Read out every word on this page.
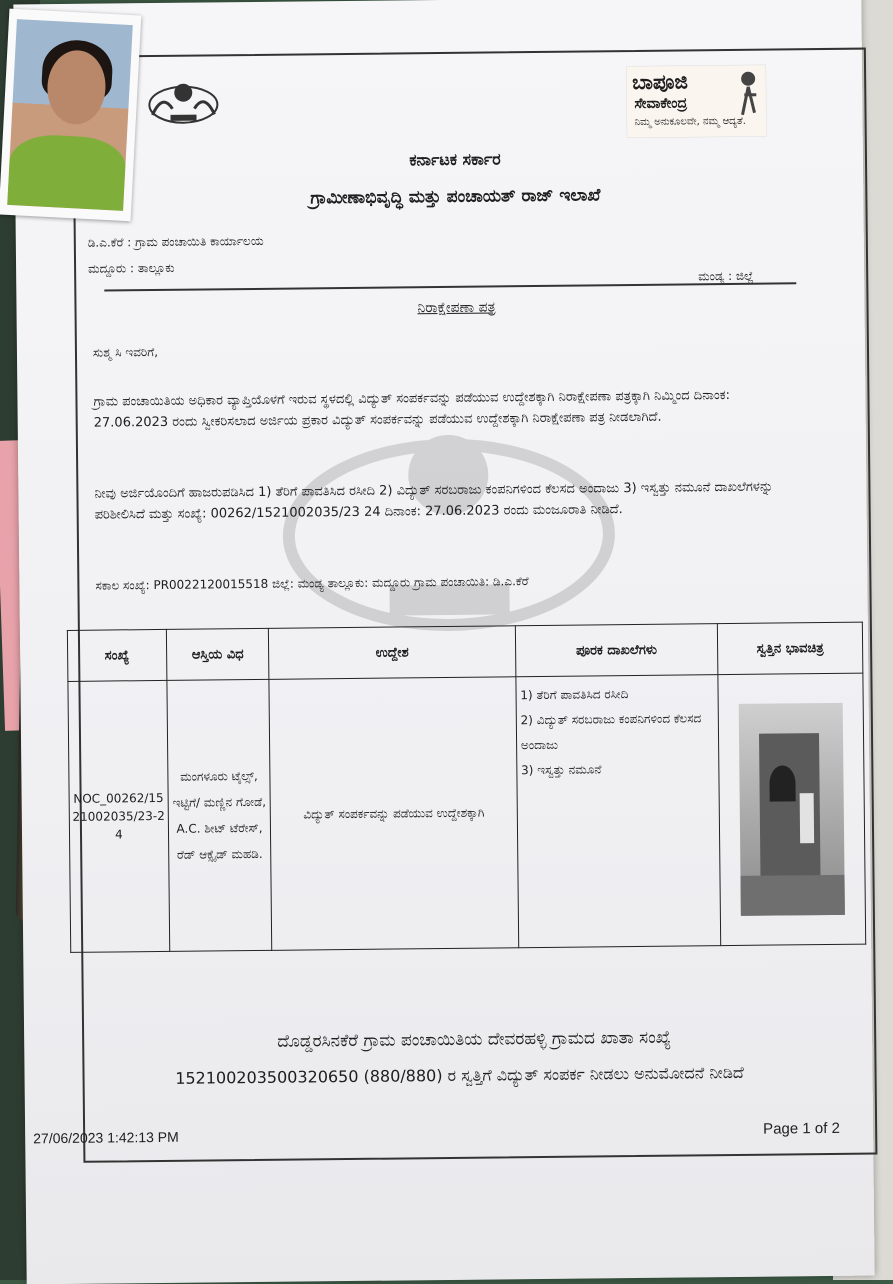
ಬಾಪೂಜಿ
ಸೇವಾಕೇಂದ್ರ
ನಿಮ್ಮ ಅನುಕೂಲವೇ, ನಮ್ಮ ಆದ್ಯತೆ.
ಕರ್ನಾಟಕ ಸರ್ಕಾರ
ಗ್ರಾಮೀಣಾಭಿವೃದ್ಧಿ ಮತ್ತು ಪಂಚಾಯತ್ ರಾಜ್ ಇಲಾಖೆ
ಡಿ.ಎ.ಕೆರೆ : ಗ್ರಾಮ ಪಂಚಾಯಿತಿ ಕಾರ್ಯಾಲಯ
ಮದ್ದೂರು : ತಾಲ್ಲೂಕು
ಮಂಡ್ಯ : ಜಿಲ್ಲೆ
ನಿರಾಕ್ಷೇಪಣಾ ಪತ್ರ
ಸುಶ್ಮ ಸಿ ಇವರಿಗೆ,
ಗ್ರಾಮ ಪಂಚಾಯಿತಿಯ ಅಧಿಕಾರ ವ್ಯಾಪ್ತಿಯೊಳಗೆ ಇರುವ ಸ್ಥಳದಲ್ಲಿ ವಿದ್ಯುತ್ ಸಂಪರ್ಕವನ್ನು ಪಡೆಯುವ ಉದ್ದೇಶಕ್ಕಾಗಿ ನಿರಾಕ್ಷೇಪಣಾ ಪತ್ರಕ್ಕಾಗಿ ನಿಮ್ಮಿಂದ ದಿನಾಂಕ: 27.06.2023 ರಂದು ಸ್ವೀಕರಿಸಲಾದ ಅರ್ಜಿಯ ಪ್ರಕಾರ ವಿದ್ಯುತ್ ಸಂಪರ್ಕವನ್ನು ಪಡೆಯುವ ಉದ್ದೇಶಕ್ಕಾಗಿ ನಿರಾಕ್ಷೇಪಣಾ ಪತ್ರ ನೀಡಲಾಗಿದೆ.
ನೀವು ಅರ್ಜಿಯೊಂದಿಗೆ ಹಾಜರುಪಡಿಸಿದ 1) ತೆರಿಗೆ ಪಾವತಿಸಿದ ರಸೀದಿ 2) ವಿದ್ಯುತ್ ಸರಬರಾಜು ಕಂಪನಿಗಳಿಂದ ಕೆಲಸದ ಅಂದಾಜು 3) ಇಸ್ವತ್ತು ನಮೂನೆ ದಾಖಲೆಗಳನ್ನು ಪರಿಶೀಲಿಸಿದೆ ಮತ್ತು ಸಂಖ್ಯೆ: 00262/1521002035/23 24 ದಿನಾಂಕ: 27.06.2023 ರಂದು ಮಂಜೂರಾತಿ ನೀಡಿದೆ.
ಸಕಾಲ ಸಂಖ್ಯೆ: PR0022120015518 ಜಿಲ್ಲೆ: ಮಂಡ್ಯ ತಾಲ್ಲೂಕು: ಮದ್ದೂರು ಗ್ರಾಮ ಪಂಚಾಯಿತಿ: ಡಿ.ಎ.ಕೆರೆ
ಸಂಖ್ಯೆ	ಆಸ್ತಿಯ ವಿಧ	ಉದ್ದೇಶ	ಪೂರಕ ದಾಖಲೆಗಳು	ಸ್ವತ್ತಿನ ಭಾವಚಿತ್ರ
NOC_00262/1521002035/23-24	ಮಂಗಳೂರು ಟೈಲ್ಸ್, ಇಟ್ಟಿಗೆ/ ಮಣ್ಣಿನ ಗೋಡೆ, A.C. ಶೀಟ್ ಟೆರೇಸ್, ರೆಡ್ ಆಕ್ಸೈಡ್ ಮಹಡಿ.	ವಿದ್ಯುತ್ ಸಂಪರ್ಕವನ್ನು ಪಡೆಯುವ ಉದ್ದೇಶಕ್ಕಾಗಿ	1) ತೆರಿಗೆ ಪಾವತಿಸಿದ ರಸೀದಿ
2) ವಿದ್ಯುತ್ ಸರಬರಾಜು ಕಂಪನಿಗಳಿಂದ ಕೆಲಸದ ಅಂದಾಜು
3) ಇಸ್ವತ್ತು ನಮೂನೆ	

ದೊಡ್ಡರಸಿನಕೆರೆ ಗ್ರಾಮ ಪಂಚಾಯಿತಿಯ ದೇವರಹಳ್ಳಿ ಗ್ರಾಮದ ಖಾತಾ ಸಂಖ್ಯೆ
152100203500320650 (880/880) ರ ಸ್ವತ್ತಿಗೆ ವಿದ್ಯುತ್ ಸಂಪರ್ಕ ನೀಡಲು ಅನುಮೋದನೆ ನೀಡಿದೆ
27/06/2023 1:42:13 PM	Page 1 of 2
